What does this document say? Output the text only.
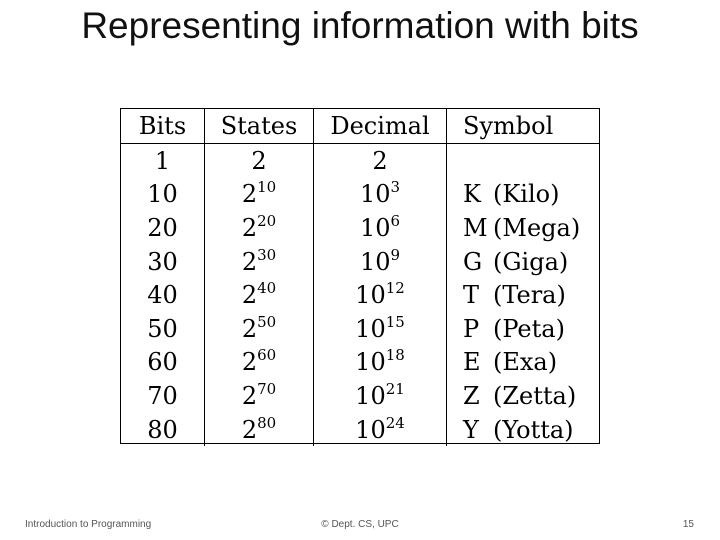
Representing information with bits
Bits	States	Decimal	Symbol
1	2	2	
10	$2^{10}$	$10^3$	K (Kilo)
20	$2^{20}$	$10^6$	M (Mega)
30	$2^{30}$	$10^9$	G (Giga)
40	$2^{40}$	$10^{12}$	T (Tera)
50	$2^{50}$	$10^{15}$	P (Peta)
60	$2^{60}$	$10^{18}$	E (Exa)
70	$2^{70}$	$10^{21}$	Z (Zetta)
80	$2^{80}$	$10^{24}$	Y (Yotta)
Introduction to Programming	© Dept. CS, UPC	15
